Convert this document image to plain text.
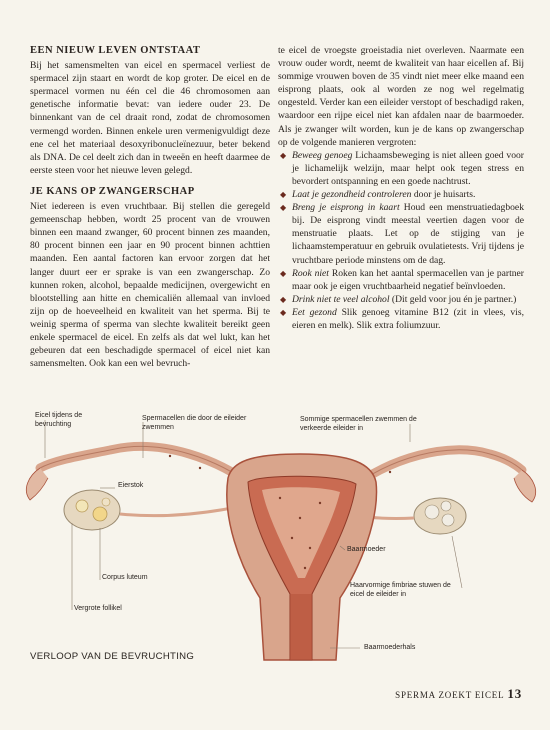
EEN NIEUW LEVEN ONTSTAAT

Bij het samensmelten van eicel en spermacel verliest de spermacel zijn staart en wordt de kop groter. De eicel en de spermacel vormen nu één cel die 46 chromosomen aan genetische informatie bevat: van iedere ouder 23. De binnenkant van de cel draait rond, zodat de chromosomen vermengd worden. Binnen enkele uren vermenigvuldigt deze ene cel het materiaal desoxyribonucleïnezuur, beter bekend als DNA. De cel deelt zich dan in tweeën en heeft daarmee de eerste steen voor het nieuwe leven gelegd.

JE KANS OP ZWANGERSCHAP

Niet iedereen is even vruchtbaar. Bij stellen die geregeld gemeenschap hebben, wordt 25 procent van de vrouwen binnen een maand zwanger, 60 procent binnen zes maanden, 80 procent binnen een jaar en 90 procent binnen achttien maanden. Een aantal factoren kan ervoor zorgen dat het langer duurt eer er sprake is van een zwangerschap. Zo kunnen roken, alcohol, bepaalde medicijnen, overgewicht en blootstelling aan hitte en chemicaliën allemaal van invloed zijn op de hoeveelheid en kwaliteit van het sperma. Bij te weinig sperma of sperma van slechte kwaliteit bereikt geen enkele spermacel de eicel. En zelfs als dat wel lukt, kan het gebeuren dat een beschadigde spermacel of eicel niet kan samensmelten. Ook kan een wel bevruch-

te eicel de vroegste groeistadia niet overleven. Naarmate een vrouw ouder wordt, neemt de kwaliteit van haar eicellen af. Bij sommige vrouwen boven de 35 vindt niet meer elke maand een eisprong plaats, ook al worden ze nog wel regelmatig ongesteld. Verder kan een eileider verstopt of beschadigd raken, waardoor een rijpe eicel niet kan afdalen naar de baarmoeder. Als je zwanger wilt worden, kun je de kans op zwangerschap op de volgende manieren vergroten:

◆ Beweeg genoeg Lichaamsbeweging is niet alleen goed voor je lichamelijk welzijn, maar helpt ook tegen stress en bevordert ontspanning en een goede nachtrust.
◆ Laat je gezondheid controleren door je huisarts.
◆ Breng je eisprong in kaart Houd een menstruatiedagboek bij. De eisprong vindt meestal veertien dagen voor de menstruatie plaats. Let op de stijging van je lichaamstemperatuur en gebruik ovulatietests. Vrij tijdens je vruchtbare periode minstens om de dag.
◆ Rook niet Roken kan het aantal spermacellen van je partner maar ook je eigen vruchtbaarheid negatief beïnvloeden.
◆ Drink niet te veel alcohol (Dit geld voor jou én je partner.)
◆ Eet gezond Slik genoeg vitamine B12 (zit in vlees, vis, eieren en melk). Slik extra foliumzuur.
Eicel tijdens de bevruchting
Spermacellen die door de eileider zwemmen
Sommige spermacellen zwemmen de verkeerde eileider in
Eierstok
Corpus luteum
Vergrote follikel
Baarmoeder
Haarvormige fimbriae stuwen de eicel de eileider in
Baarmoederhals
VERLOOP VAN DE BEVRUCHTING
SPERMA ZOEKT EICEL 13
